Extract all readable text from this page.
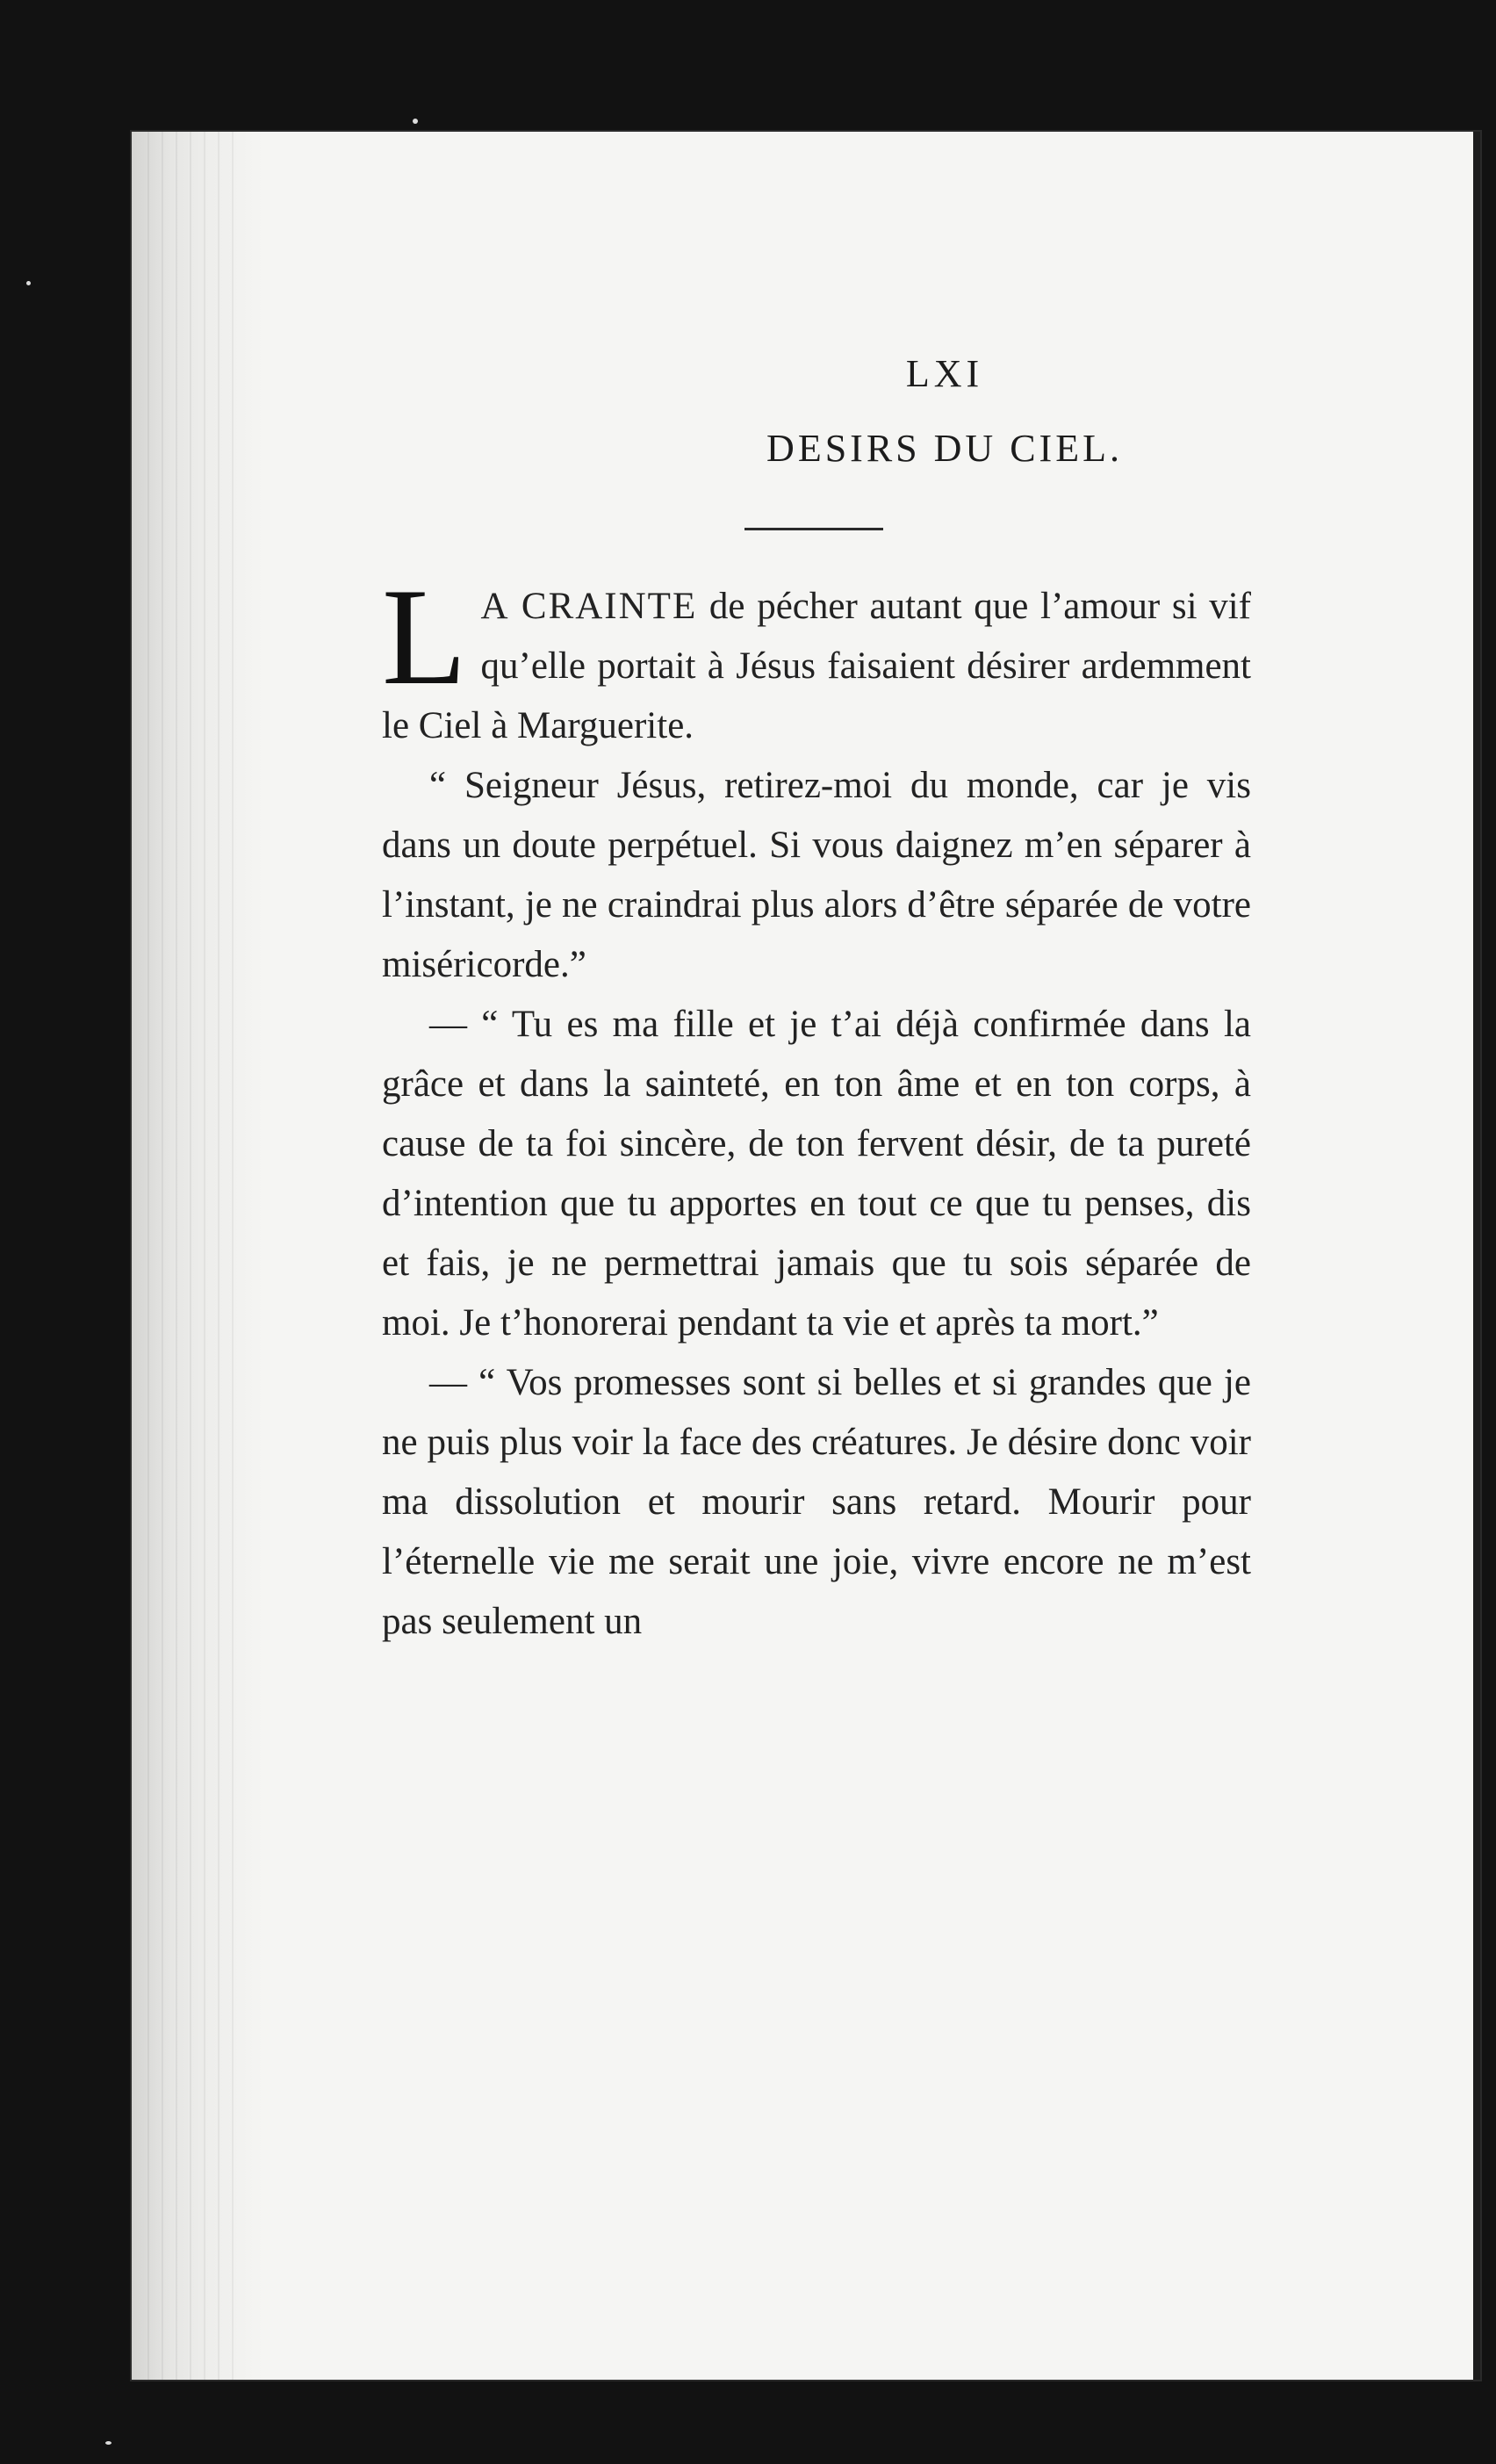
LXI
DESIRS DU CIEL.

L A CRAINTE de pécher autant que l’amour si vif qu’elle portait à Jésus faisaient désirer ardemment le Ciel à Marguerite.

“ Seigneur Jésus, retirez-moi du monde, car je vis dans un doute perpétuel. Si vous daignez m’en séparer à l’instant, je ne craindrai plus alors d’être séparée de votre miséricorde.”

— “ Tu es ma fille et je t’ai déjà confirmée dans la grâce et dans la sainteté, en ton âme et en ton corps, à cause de ta foi sincère, de ton fervent désir, de ta pureté d’intention que tu apportes en tout ce que tu penses, dis et fais, je ne permettrai jamais que tu sois séparée de moi. Je t’honorerai pendant ta vie et après ta mort.”

— “ Vos promesses sont si belles et si grandes que je ne puis plus voir la face des créatures. Je désire donc voir ma dissolution et mourir sans retard. Mourir pour l’éternelle vie me serait une joie, vivre encore ne m’est pas seulement un
